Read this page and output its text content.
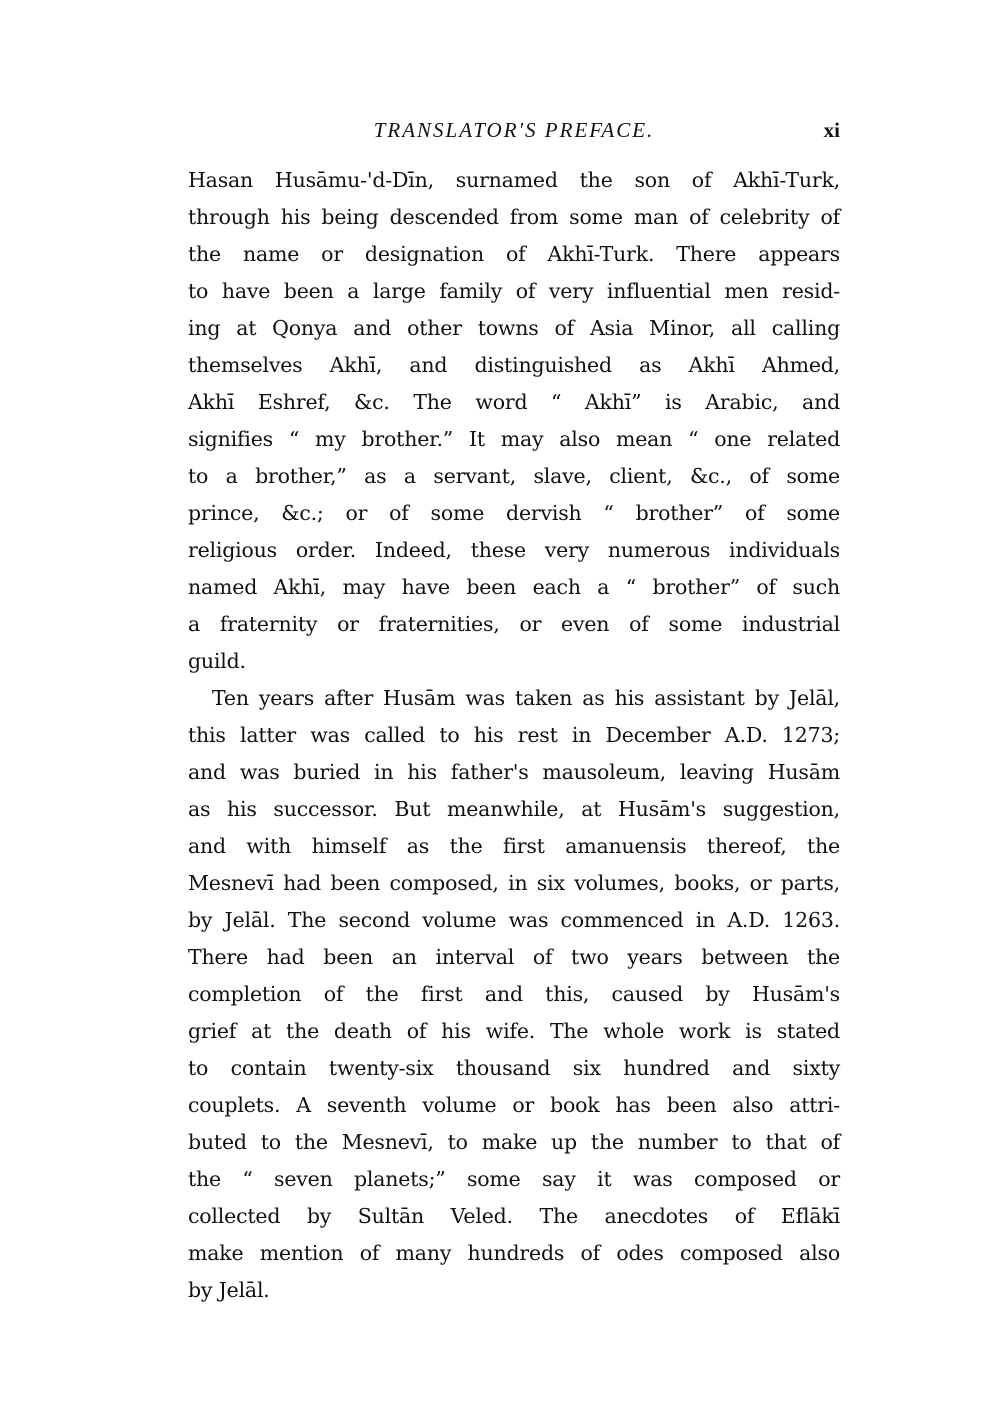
TRANSLATOR'S PREFACE.	xi
Hasan Husāmu-'d-Dīn, surnamed the son of Akhī-Turk,
through his being descended from some man of celebrity of
the name or designation of Akhī-Turk. There appears
to have been a large family of very influential men resid-
ing at Qonya and other towns of Asia Minor, all calling
themselves Akhī, and distinguished as Akhī Ahmed,
Akhī Eshref, &c. The word “ Akhī” is Arabic, and
signifies “ my brother.” It may also mean “ one related
to a brother,” as a servant, slave, client, &c., of some
prince, &c.; or of some dervish “ brother” of some
religious order. Indeed, these very numerous individuals
named Akhī, may have been each a “ brother” of such
a fraternity or fraternities, or even of some industrial
guild.
Ten years after Husām was taken as his assistant by Jelāl,
this latter was called to his rest in December A.D. 1273;
and was buried in his father's mausoleum, leaving Husām
as his successor. But meanwhile, at Husām's suggestion,
and with himself as the first amanuensis thereof, the
Mesnevī had been composed, in six volumes, books, or parts,
by Jelāl. The second volume was commenced in A.D. 1263.
There had been an interval of two years between the
completion of the first and this, caused by Husām's
grief at the death of his wife. The whole work is stated
to contain twenty-six thousand six hundred and sixty
couplets. A seventh volume or book has been also attri-
buted to the Mesnevī, to make up the number to that of
the “ seven planets;” some say it was composed or
collected by Sultān Veled. The anecdotes of Eflākī
make mention of many hundreds of odes composed also
by Jelāl.
